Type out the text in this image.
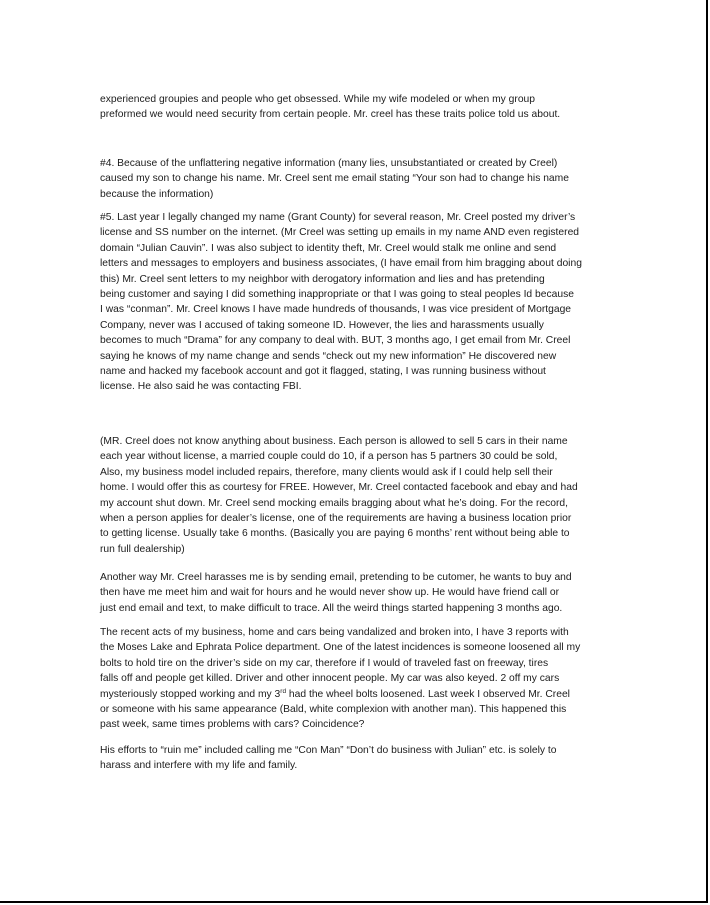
experienced groupies and people who get obsessed. While my wife modeled or when my group
preformed we would need security from certain people. Mr. creel has these traits police told us about.

#4. Because of the unflattering negative information (many lies, unsubstantiated or created by Creel)
caused my son to change his name. Mr. Creel sent me email stating “Your son had to change his name
because the information)

#5. Last year I legally changed my name (Grant County) for several reason, Mr. Creel posted my driver’s
license and SS number on the internet. (Mr Creel was setting up emails in my name AND even registered
domain “Julian Cauvin”. I was also subject to identity theft, Mr. Creel would stalk me online and send
letters and messages to employers and business associates, (I have email from him bragging about doing
this) Mr. Creel sent letters to my neighbor with derogatory information and lies and has pretending
being customer and saying I did something inappropriate or that I was going to steal peoples Id because
I was “conman”. Mr. Creel knows I have made hundreds of thousands, I was vice president of Mortgage
Company, never was I accused of taking someone ID. However, the lies and harassments usually
becomes to much “Drama” for any company to deal with. BUT, 3 months ago, I get email from Mr. Creel
saying he knows of my name change and sends “check out my new information” He discovered new
name and hacked my facebook account and got it flagged, stating, I was running business without
license. He also said he was contacting FBI.

(MR. Creel does not know anything about business. Each person is allowed to sell 5 cars in their name
each year without license, a married couple could do 10, if a person has 5 partners 30 could be sold,
Also, my business model included repairs, therefore, many clients would ask if I could help sell their
home. I would offer this as courtesy for FREE. However, Mr. Creel contacted facebook and ebay and had
my account shut down. Mr. Creel send mocking emails bragging about what he’s doing. For the record,
when a person applies for dealer’s license, one of the requirements are having a business location prior
to getting license. Usually take 6 months. (Basically you are paying 6 months’ rent without being able to
run full dealership)

Another way Mr. Creel harasses me is by sending email, pretending to be cutomer, he wants to buy and
then have me meet him and wait for hours and he would never show up. He would have friend call or
just end email and text, to make difficult to trace. All the weird things started happening 3 months ago.

The recent acts of my business, home and cars being vandalized and broken into, I have 3 reports with
the Moses Lake and Ephrata Police department. One of the latest incidences is someone loosened all my
bolts to hold tire on the driver’s side on my car, therefore if I would of traveled fast on freeway, tires
falls off and people get killed. Driver and other innocent people. My car was also keyed. 2 off my cars
mysteriously stopped working and my 3rd had the wheel bolts loosened. Last week I observed Mr. Creel
or someone with his same appearance (Bald, white complexion with another man). This happened this
past week, same times problems with cars? Coincidence?

His efforts to “ruin me” included calling me “Con Man” “Don’t do business with Julian” etc. is solely to
harass and interfere with my life and family.
